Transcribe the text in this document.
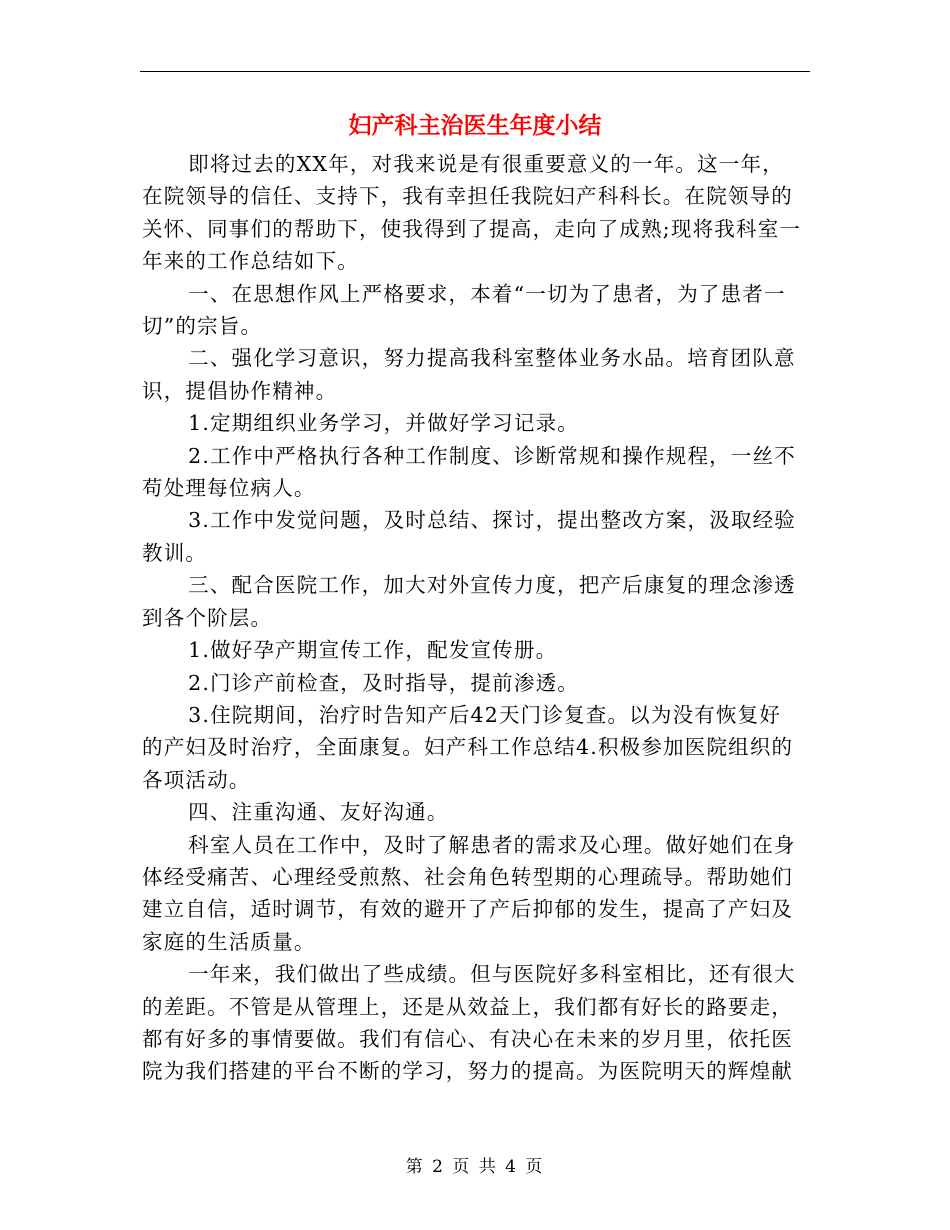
妇产科主治医生年度小结

即将过去的XX年，对我来说是有很重要意义的一年。这一年，在院领导的信任、支持下，我有幸担任我院妇产科科长。在院领导的关怀、同事们的帮助下，使我得到了提高，走向了成熟;现将我科室一年来的工作总结如下。

一、在思想作风上严格要求，本着“一切为了患者，为了患者一切”的宗旨。

二、强化学习意识，努力提高我科室整体业务水品。培育团队意识，提倡协作精神。

1.定期组织业务学习，并做好学习记录。

2.工作中严格执行各种工作制度、诊断常规和操作规程，一丝不苟处理每位病人。

3.工作中发觉问题，及时总结、探讨，提出整改方案，汲取经验教训。

三、配合医院工作，加大对外宣传力度，把产后康复的理念渗透到各个阶层。

1.做好孕产期宣传工作，配发宣传册。

2.门诊产前检查，及时指导，提前渗透。

3.住院期间，治疗时告知产后42天门诊复查。以为没有恢复好的产妇及时治疗，全面康复。妇产科工作总结4.积极参加医院组织的各项活动。

四、注重沟通、友好沟通。

科室人员在工作中，及时了解患者的需求及心理。做好她们在身体经受痛苦、心理经受煎熬、社会角色转型期的心理疏导。帮助她们建立自信，适时调节，有效的避开了产后抑郁的发生，提高了产妇及家庭的生活质量。

一年来，我们做出了些成绩。但与医院好多科室相比，还有很大的差距。不管是从管理上，还是从效益上，我们都有好长的路要走，都有好多的事情要做。我们有信心、有决心在未来的岁月里，依托医院为我们搭建的平台不断的学习，努力的提高。为医院明天的辉煌献

第 2 页 共 4 页
